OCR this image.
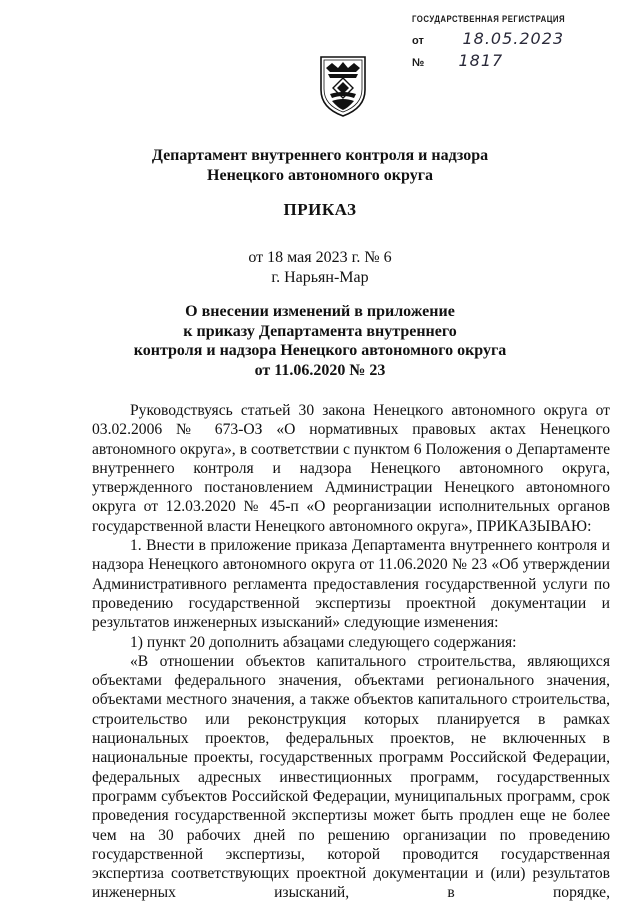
ГОСУДАРСТВЕННАЯ РЕГИСТРАЦИЯ
от 18.05.2023
№ 1817
Департамент внутреннего контроля и надзора
Ненецкого автономного округа
ПРИКАЗ
от 18 мая 2023 г. № 6
г. Нарьян-Мар
О внесении изменений в приложение
к приказу Департамента внутреннего
контроля и надзора Ненецкого автономного округа
от 11.06.2020 № 23

Руководствуясь статьей 30 закона Ненецкого автономного округа от 03.02.2006 № 673-ОЗ «О нормативных правовых актах Ненецкого автономного округа», в соответствии с пунктом 6 Положения о Департаменте внутреннего контроля и надзора Ненецкого автономного округа, утвержденного постановлением Администрации Ненецкого автономного округа от 12.03.2020 № 45-п «О реорганизации исполнительных органов государственной власти Ненецкого автономного округа», ПРИКАЗЫВАЮ:

1. Внести в приложение приказа Департамента внутреннего контроля и надзора Ненецкого автономного округа от 11.06.2020 № 23 «Об утверждении Административного регламента предоставления государственной услуги по проведению государственной экспертизы проектной документации и результатов инженерных изысканий» следующие изменения:

1) пункт 20 дополнить абзацами следующего содержания:

«В отношении объектов капитального строительства, являющихся объектами федерального значения, объектами регионального значения, объектами местного значения, а также объектов капитального строительства, строительство или реконструкция которых планируется в рамках национальных проектов, федеральных проектов, не включенных в национальные проекты, государственных программ Российской Федерации, федеральных адресных инвестиционных программ, государственных программ субъектов Российской Федерации, муниципальных программ, срок проведения государственной экспертизы может быть продлен еще не более чем на 30 рабочих дней по решению организации по проведению государственной экспертизы, которой проводится государственная экспертиза соответствующих проектной документации и (или) результатов инженерных изысканий, в порядке,
